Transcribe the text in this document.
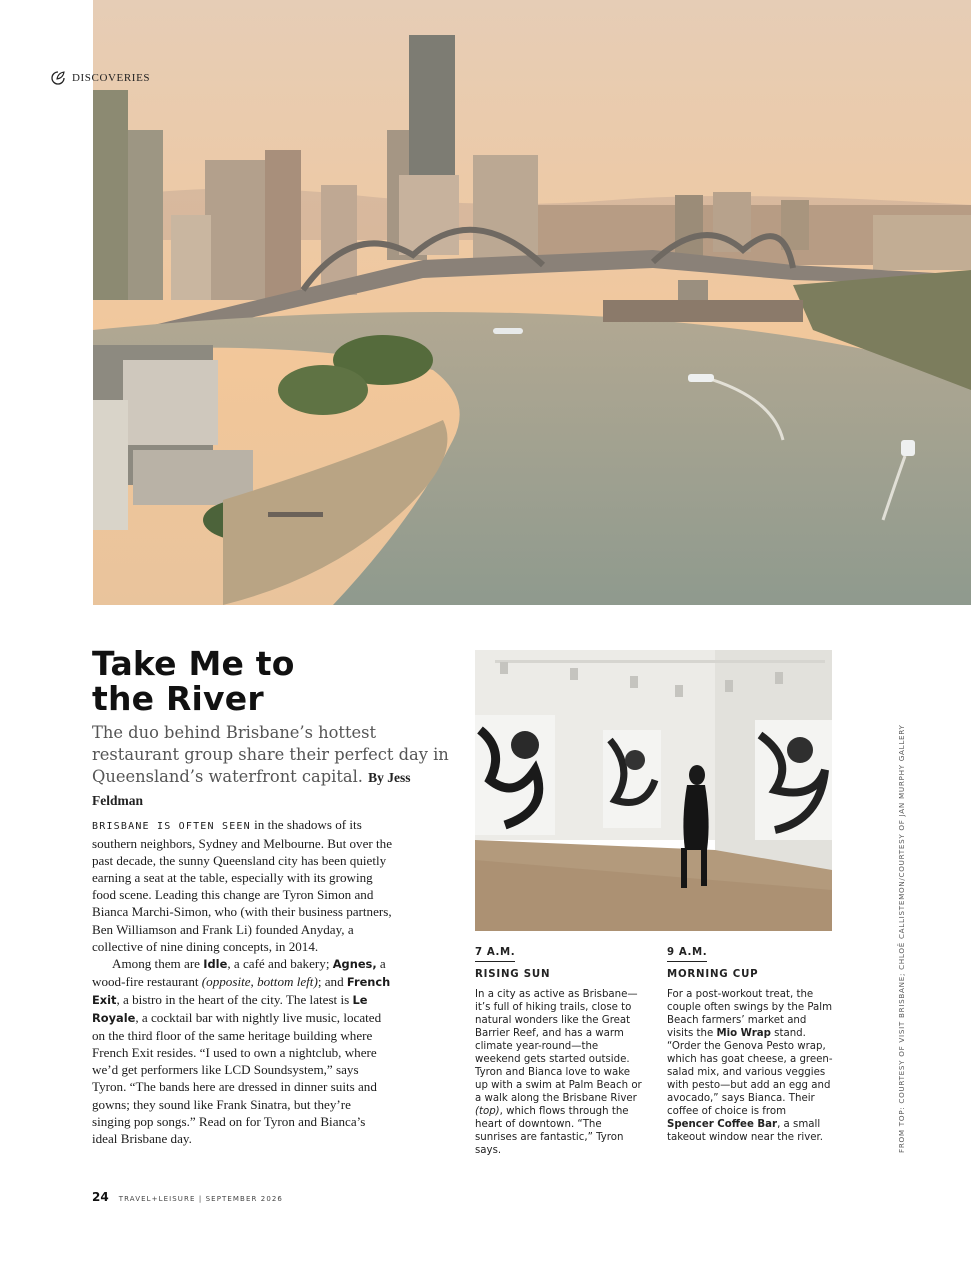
DISCOVERIES
Take Me to
the River
The duo behind Brisbane’s hottest restaurant group share their perfect day in Queensland’s waterfront capital. By Jess Feldman

BRISBANE IS OFTEN SEEN in the shadows of its southern neighbors, Sydney and Melbourne. But over the past decade, the sunny Queensland city has been quietly earning a seat at the table, especially with its growing food scene. Leading this change are Tyron Simon and Bianca Marchi-Simon, who (with their business partners, Ben Williamson and Frank Li) founded Anyday, a collective of nine dining concepts, in 2014.

Among them are Idle, a café and bakery; Agnes, a wood-fire restaurant (opposite, bottom left); and French Exit, a bistro in the heart of the city. The latest is Le Royale, a cocktail bar with nightly live music, located on the third floor of the same heritage building where French Exit resides. “I used to own a nightclub, where we’d get performers like LCD Soundsystem,” says Tyron. “The bands here are dressed in dinner suits and gowns; they sound like Frank Sinatra, but they’re singing pop songs.” Read on for Tyron and Bianca’s ideal Brisbane day.

7 A.M.
RISING SUN

In a city as active as Brisbane—it’s full of hiking trails, close to natural wonders like the Great Barrier Reef, and has a warm climate year-round—the weekend gets started outside. Tyron and Bianca love to wake up with a swim at Palm Beach or a walk along the Brisbane River (top), which flows through the heart of downtown. “The sunrises are fantastic,” Tyron says.

9 A.M.
MORNING CUP

For a post-workout treat, the couple often swings by the Palm Beach farmers’ market and visits the Mio Wrap stand. “Order the Genova Pesto wrap, which has goat cheese, a green-salad mix, and various veggies with pesto—but add an egg and avocado,” says Bianca. Their coffee of choice is from Spencer Coffee Bar, a small takeout window near the river.	FROM TOP: COURTESY OF VISIT BRISBANE; CHLOË CALLISTEMON/COURTESY OF JAN MURPHY GALLERY
24 TRAVEL+LEISURE | SEPTEMBER 2026
